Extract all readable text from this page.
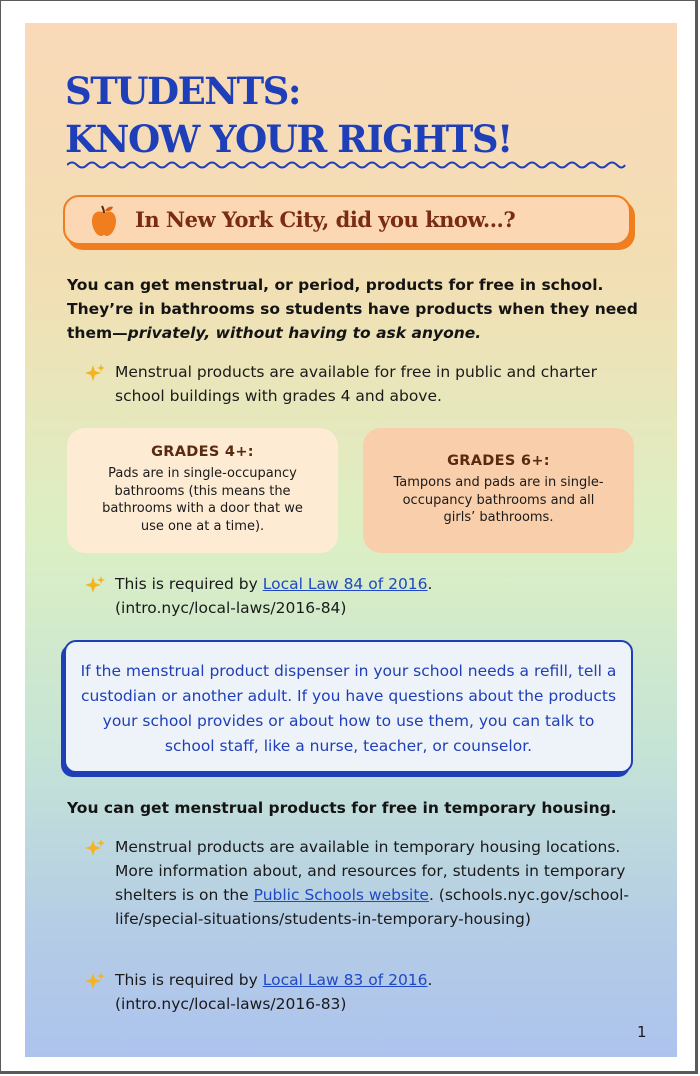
STUDENTS:
KNOW YOUR RIGHTS!
In New York City, did you know...?

You can get menstrual, or period, products for free in school. They’re in bathrooms so students have products when they need them—privately, without having to ask anyone.

Menstrual products are available for free in public and charter school buildings with grades 4 and above.
GRADES 4+:
Pads are in single-occupancy bathrooms (this means the bathrooms with a door that we use one at a time).
GRADES 6+:
Tampons and pads are in single-occupancy bathrooms and all girls’ bathrooms.
This is required by Local Law 84 of 2016.
(intro.nyc/local-laws/2016-84)
If the menstrual product dispenser in your school needs a refill, tell a custodian or another adult. If you have questions about the products your school provides or about how to use them, you can talk to school staff, like a nurse, teacher, or counselor.

You can get menstrual products for free in temporary housing.

Menstrual products are available in temporary housing locations. More information about, and resources for, students in temporary shelters is on the Public Schools website. (schools.nyc.gov/school-life/special-situations/students-in-temporary-housing)
This is required by Local Law 83 of 2016.
(intro.nyc/local-laws/2016-83)
1
